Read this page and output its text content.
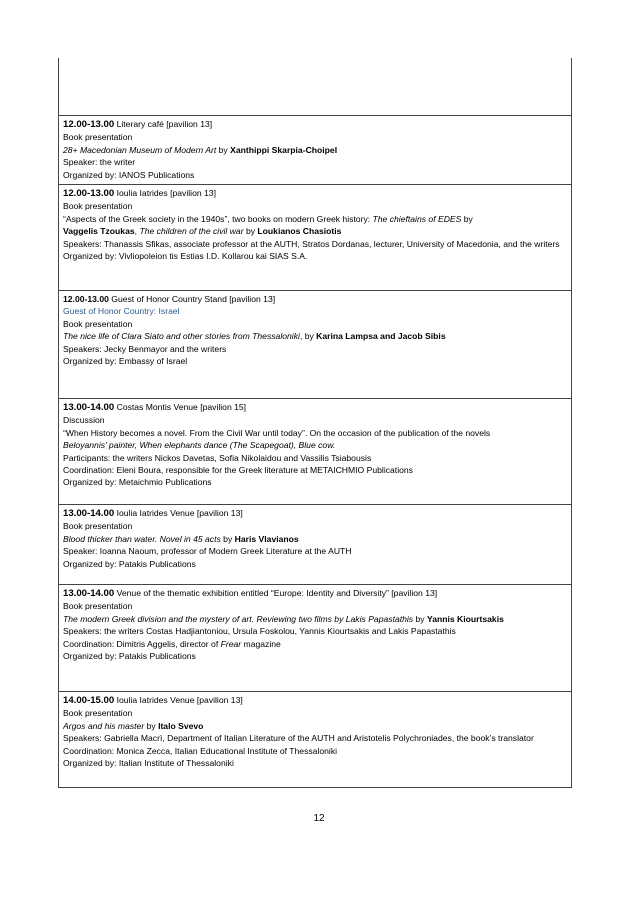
12.00-13.00 Literary café [pavilion 13]
Book presentation
28+ Macedonian Museum of Modern Art by Xanthippi Skarpia-Choipel
Speaker: the writer
Organized by: IANOS Publications
12.00-13.00 Ioulia Iatrides [pavilion 13]
Book presentation
“Aspects of the Greek society in the 1940s”, two books on modern Greek history: The chieftains of EDES by
Vaggelis Tzoukas, The children of the civil war by Loukianos Chasiotis
Speakers: Thanassis Sfikas, associate professor at the AUTH, Stratos Dordanas, lecturer, University of Macedonia, and the writers
Organized by: Vivliopoleion tis Estias I.D. Kollarou kai SIAS S.A.
12.00-13.00 Guest of Honor Country Stand [pavilion 13]
Guest of Honor Country: Israel
Book presentation
The nice life of Clara Siato and other stories from Thessaloniki, by Karina Lampsa and Jacob Sibis
Speakers: Jecky Benmayor and the writers
Organized by: Embassy of Israel
13.00-14.00 Costas Montis Venue [pavilion 15]
Discussion
“When History becomes a novel. From the Civil War until today”. On the occasion of the publication of the novels
Beloyannis’ painter, When elephants dance (The Scapegoat), Blue cow.
Participants: the writers Nickos Davetas, Sofia Nikolaidou and Vassilis Tsiabousis
Coordination: Eleni Boura, responsible for the Greek literature at METAICHMIO Publications
Organized by: Metaichmio Publications
13.00-14.00 Ioulia Iatrides Venue [pavilion 13]
Book presentation
Blood thicker than water. Novel in 45 acts by Haris Vlavianos
Speaker: Ioanna Naoum, professor of Modern Greek Literature at the AUTH
Organized by: Patakis Publications
13.00-14.00 Venue of the thematic exhibition entitled “Europe: Identity and Diversity” [pavilion 13]
Book presentation
The modern Greek division and the mystery of art. Reviewing two films by Lakis Papastathis by Yannis Kiourtsakis
Speakers: the writers Costas Hadjiantoniou, Ursula Foskolou, Yannis Kiourtsakis and Lakis Papastathis
Coordination: Dimitris Aggelis, director of Frear magazine
Organized by: Patakis Publications
14.00-15.00 Ioulia Iatrides Venue [pavilion 13]
Book presentation
Argos and his master by Italo Svevo
Speakers: Gabriella Macrì, Department of Italian Literature of the AUTH and Aristotelis Polychroniades, the book’s translator
Coordination: Monica Zecca, Italian Educational Institute of Thessaloniki
Organized by: Italian Institute of Thessaloniki
12
